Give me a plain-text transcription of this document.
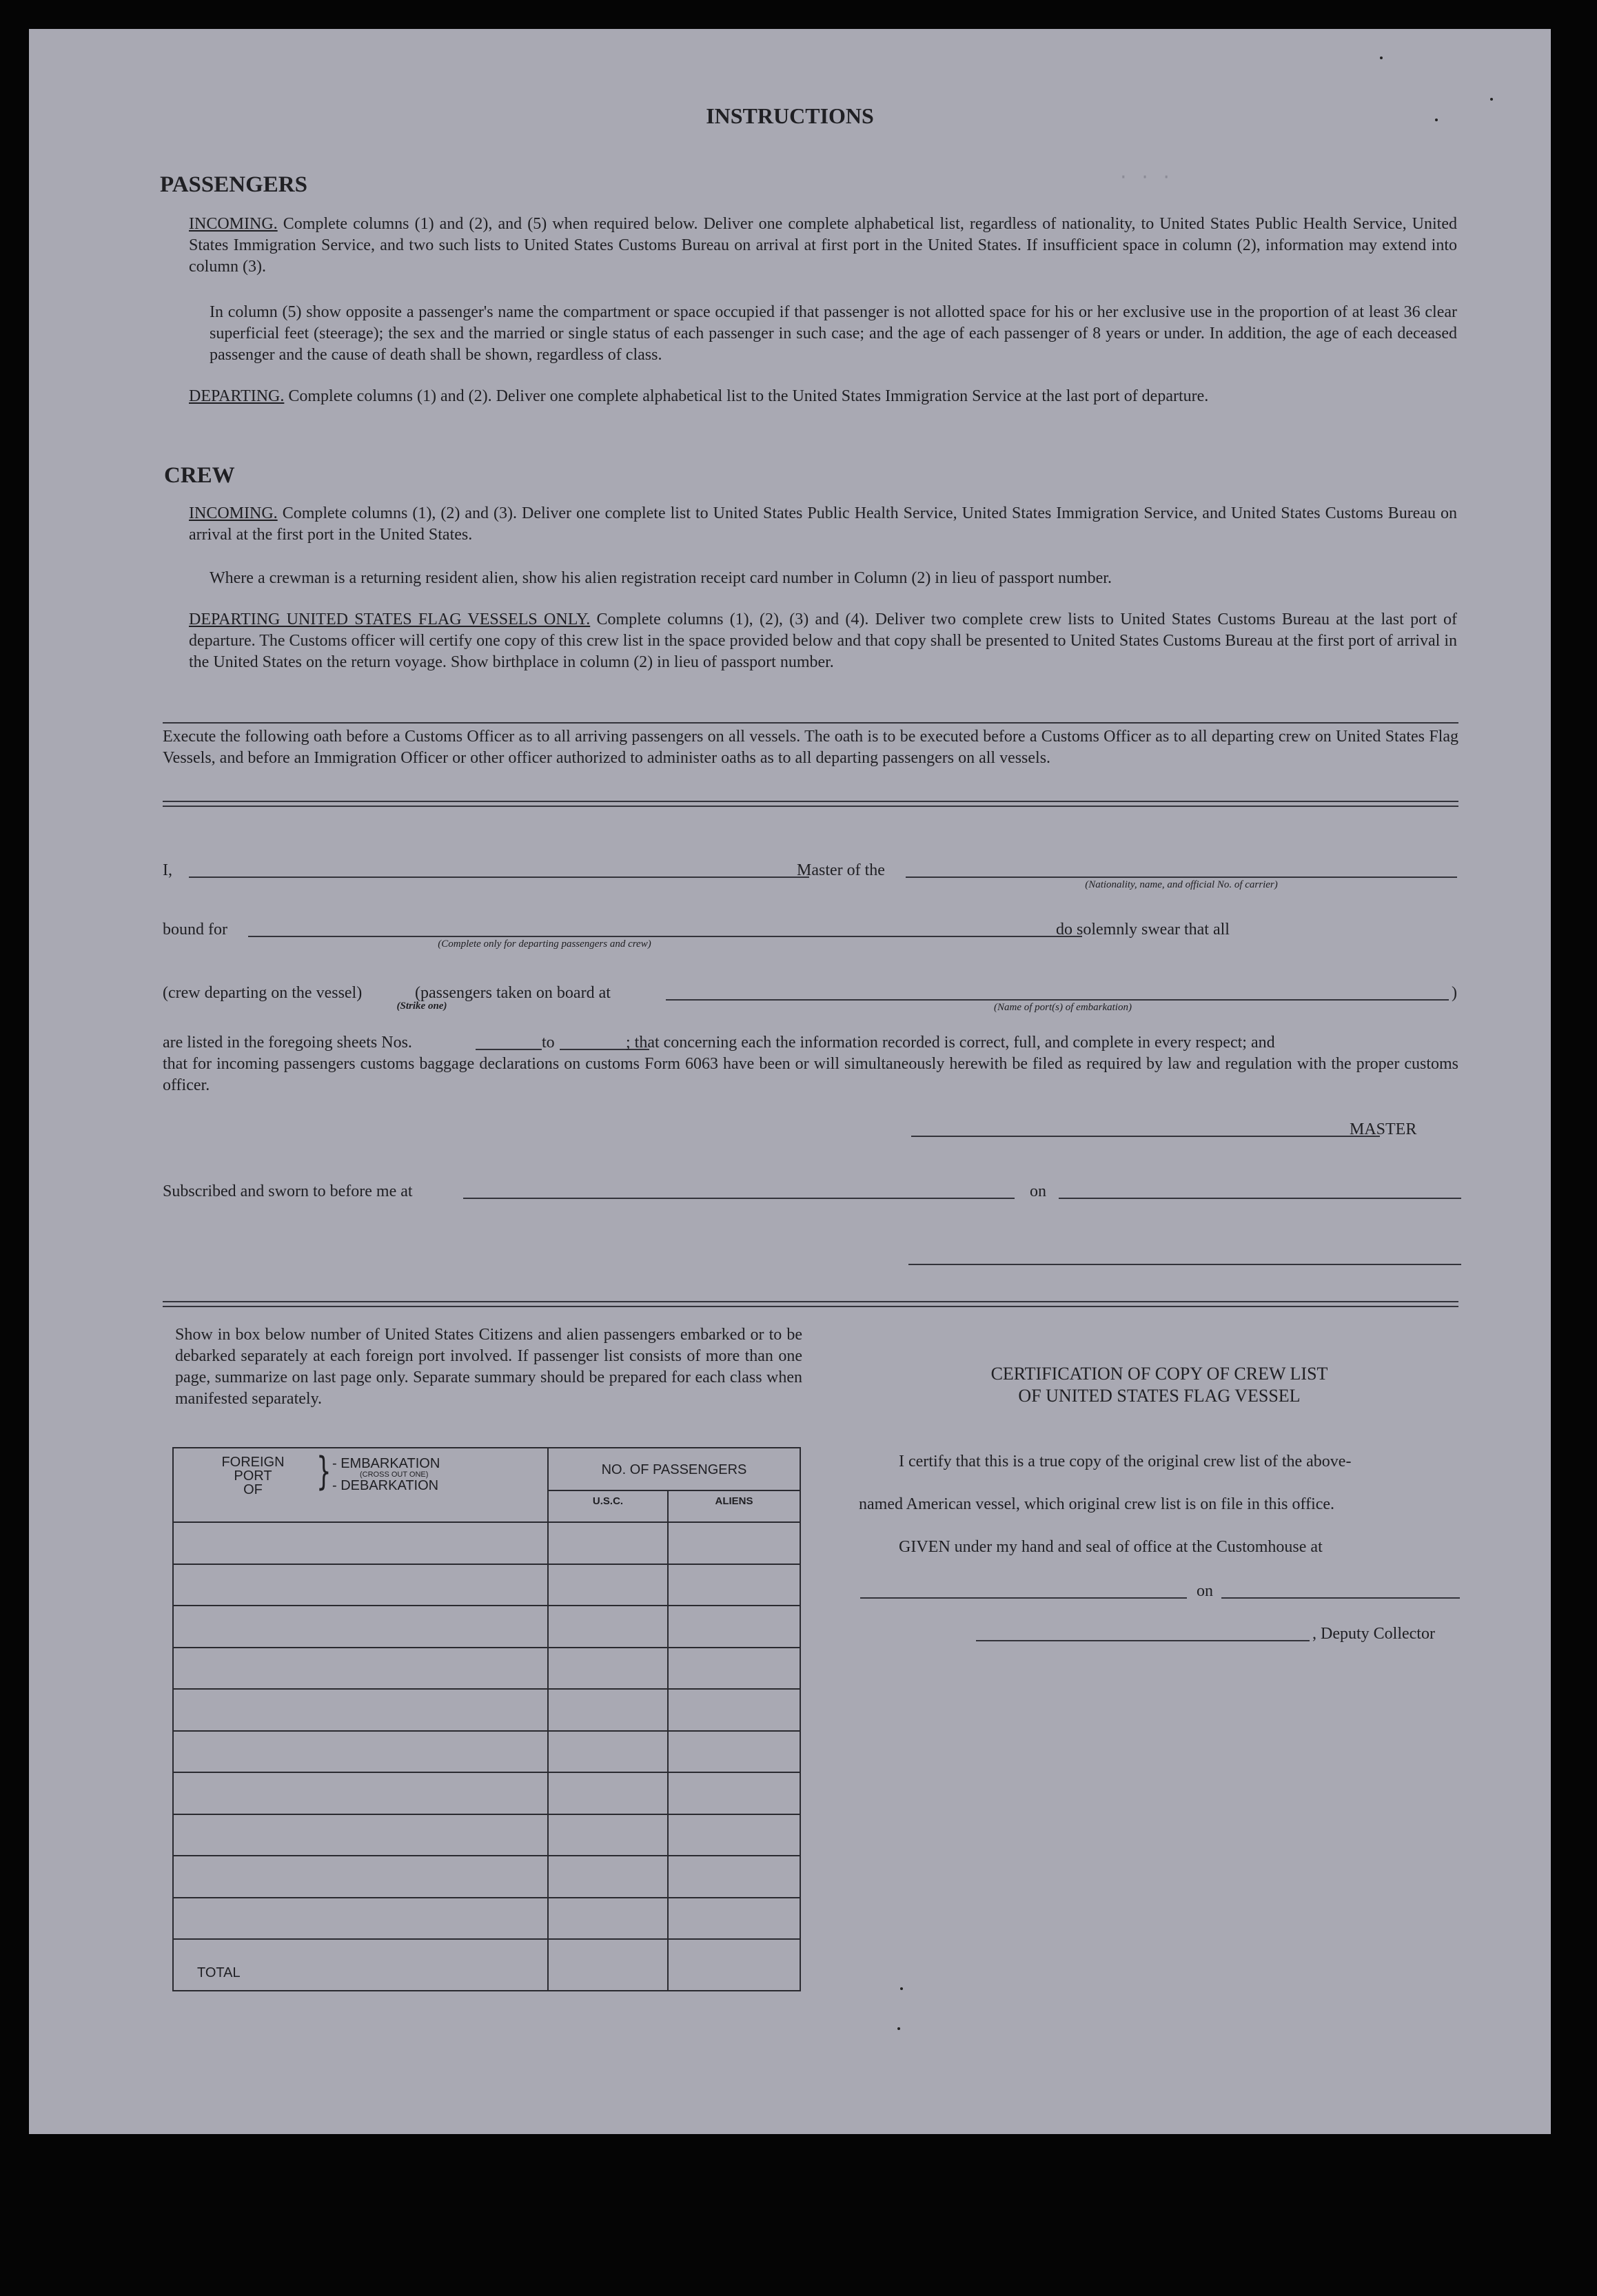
· · ·
INSTRUCTIONS
PASSENGERS
INCOMING. Complete columns (1) and (2), and (5) when required below. Deliver one complete alphabetical list, regardless of nationality, to United States Public Health Service, United States Immigration Service, and two such lists to United States Customs Bureau on arrival at first port in the United States. If insufficient space in column (2), information may extend into column (3).
In column (5) show opposite a passenger's name the compartment or space occupied if that passenger is not allotted space for his or her exclusive use in the proportion of at least 36 clear superficial feet (steerage); the sex and the married or single status of each passenger in such case; and the age of each passenger of 8 years or under. In addition, the age of each deceased passenger and the cause of death shall be shown, regardless of class.
DEPARTING. Complete columns (1) and (2). Deliver one complete alphabetical list to the United States Immigration Service at the last port of departure.
CREW
INCOMING. Complete columns (1), (2) and (3). Deliver one complete list to United States Public Health Service, United States Immigration Service, and United States Customs Bureau on arrival at the first port in the United States.
Where a crewman is a returning resident alien, show his alien registration receipt card number in Column (2) in lieu of passport number.
DEPARTING UNITED STATES FLAG VESSELS ONLY. Complete columns (1), (2), (3) and (4). Deliver two complete crew lists to United States Customs Bureau at the last port of departure. The Customs officer will certify one copy of this crew list in the space provided below and that copy shall be presented to United States Customs Bureau at the first port of arrival in the United States on the return voyage. Show birthplace in column (2) in lieu of passport number.
Execute the following oath before a Customs Officer as to all arriving passengers on all vessels. The oath is to be executed before a Customs Officer as to all departing crew on United States Flag Vessels, and before an Immigration Officer or other officer authorized to administer oaths as to all departing passengers on all vessels.
I,	Master of the
(Nationality, name, and official No. of carrier)
bound for
(Complete only for departing passengers and crew)
do solemnly swear that all
(crew departing on the vessel)
(Strike one)
(passengers taken on board at
(Name of port(s) of embarkation)
)
are listed in the foregoing sheets Nos.	to	; that concerning each the information recorded is correct, full, and complete in every respect; and
that for incoming passengers customs baggage declarations on customs Form 6063 have been or will simultaneously herewith be filed as required by law and regulation with the proper customs officer.
MASTER
Subscribed and sworn to before me at	on
Show in box below number of United States Citizens and alien passengers embarked or to be debarked separately at each foreign port involved. If passenger list consists of more than one page, summarize on last page only. Separate summary should be prepared for each class when manifested separately.
FOREIGN
PORT
OF	} - EMBARKATION
(CROSS OUT ONE)
- DEBARKATION
NO. OF PASSENGERS
U.S.C.	ALIENS
TOTAL
CERTIFICATION OF COPY OF CREW LIST
OF UNITED STATES FLAG VESSEL
I certify that this is a true copy of the original crew list of the above-
named American vessel, which original crew list is on file in this office.
GIVEN under my hand and seal of office at the Customhouse at
on
, Deputy Collector
